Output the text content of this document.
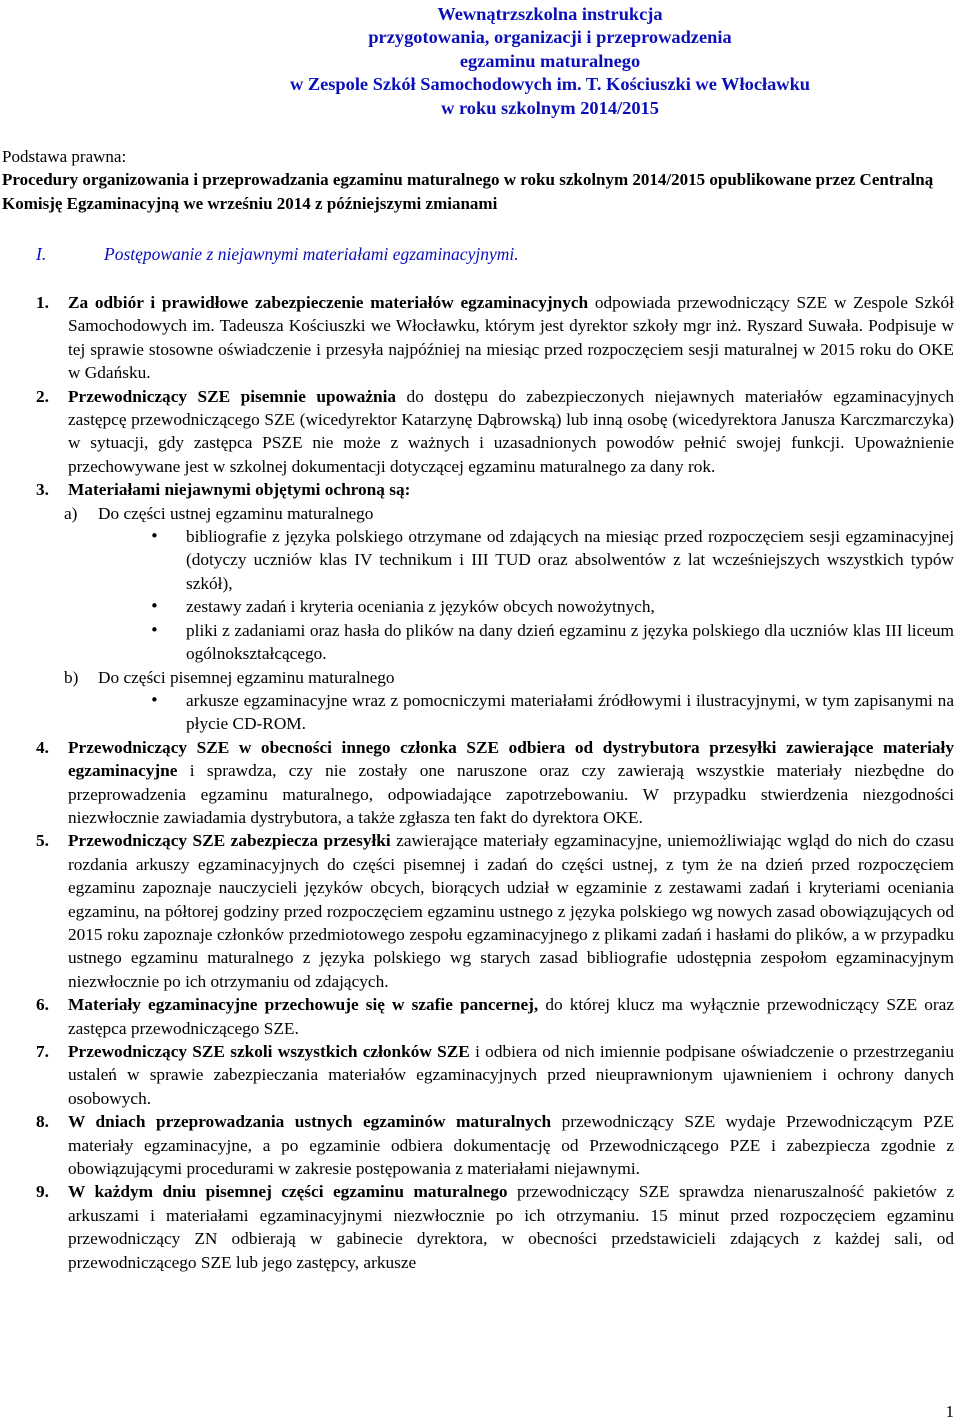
Wewnątrzszkolna instrukcja
przygotowania, organizacji i przeprowadzenia
egzaminu maturalnego
w Zespole Szkół Samochodowych im. T. Kościuszki we Włocławku
w roku szkolnym 2014/2015
Podstawa prawna:
Procedury organizowania i przeprowadzania egzaminu maturalnego w roku szkolnym 2014/2015 opublikowane przez Centralną Komisję Egzaminacyjną we wrześniu 2014 z późniejszymi zmianami
I.	Postępowanie z niejawnymi materiałami egzaminacyjnymi.
1. Za odbiór i prawidłowe zabezpieczenie materiałów egzaminacyjnych odpowiada przewodniczący SZE w Zespole Szkół Samochodowych im. Tadeusza Kościuszki we Włocławku, którym jest dyrektor szkoły mgr inż. Ryszard Suwała. Podpisuje w tej sprawie stosowne oświadczenie i przesyła najpóźniej na miesiąc przed rozpoczęciem sesji maturalnej w 2015 roku do OKE w Gdańsku.
2. Przewodniczący SZE pisemnie upoważnia do dostępu do zabezpieczonych niejawnych materiałów egzaminacyjnych zastępcę przewodniczącego SZE (wicedyrektor Katarzynę Dąbrowską) lub inną osobę (wicedyrektora Janusza Karczmarczyka) w sytuacji, gdy zastępca PSZE nie może z ważnych i uzasadnionych powodów pełnić swojej funkcji. Upoważnienie przechowywane jest w szkolnej dokumentacji dotyczącej egzaminu maturalnego za dany rok.
3. Materiałami niejawnymi objętymi ochroną są:
a) Do części ustnej egzaminu maturalnego
• bibliografie z języka polskiego otrzymane od zdających na miesiąc przed rozpoczęciem sesji egzaminacyjnej (dotyczy uczniów klas IV technikum i III TUD oraz absolwentów z lat wcześniejszych wszystkich typów szkół),
• zestawy zadań i kryteria oceniania z języków obcych nowożytnych,
• pliki z zadaniami oraz hasła do plików na dany dzień egzaminu z języka polskiego dla uczniów klas III liceum ogólnokształcącego.
b) Do części pisemnej egzaminu maturalnego
• arkusze egzaminacyjne wraz z pomocniczymi materiałami źródłowymi i ilustracyjnymi, w tym zapisanymi na płycie CD-ROM.
4. Przewodniczący SZE w obecności innego członka SZE odbiera od dystrybutora przesyłki zawierające materiały egzaminacyjne i sprawdza, czy nie zostały one naruszone oraz czy zawierają wszystkie materiały niezbędne do przeprowadzenia egzaminu maturalnego, odpowiadające zapotrzebowaniu. W przypadku stwierdzenia niezgodności niezwłocznie zawiadamia dystrybutora, a także zgłasza ten fakt do dyrektora OKE.
5. Przewodniczący SZE zabezpiecza przesyłki zawierające materiały egzaminacyjne, uniemożliwiając wgląd do nich do czasu rozdania arkuszy egzaminacyjnych do części pisemnej i zadań do części ustnej, z tym że na dzień przed rozpoczęciem egzaminu zapoznaje nauczycieli języków obcych, biorących udział w egzaminie z zestawami zadań i kryteriami oceniania egzaminu, na półtorej godziny przed rozpoczęciem egzaminu ustnego z języka polskiego wg nowych zasad obowiązujących od 2015 roku zapoznaje członków przedmiotowego zespołu egzaminacyjnego z plikami zadań i hasłami do plików, a w przypadku ustnego egzaminu maturalnego z języka polskiego wg starych zasad bibliografie udostępnia zespołom egzaminacyjnym niezwłocznie po ich otrzymaniu od zdających.
6. Materiały egzaminacyjne przechowuje się w szafie pancernej, do której klucz ma wyłącznie przewodniczący SZE oraz zastępca przewodniczącego SZE.
7. Przewodniczący SZE szkoli wszystkich członków SZE i odbiera od nich imiennie podpisane oświadczenie o przestrzeganiu ustaleń w sprawie zabezpieczania materiałów egzaminacyjnych przed nieuprawnionym ujawnieniem i ochrony danych osobowych.
8. W dniach przeprowadzania ustnych egzaminów maturalnych przewodniczący SZE wydaje Przewodniczącym PZE materiały egzaminacyjne, a po egzaminie odbiera dokumentację od Przewodniczącego PZE i zabezpiecza zgodnie z obowiązującymi procedurami w zakresie postępowania z materiałami niejawnymi.
9. W każdym dniu pisemnej części egzaminu maturalnego przewodniczący SZE sprawdza nienaruszalność pakietów z arkuszami i materiałami egzaminacyjnymi niezwłocznie po ich otrzymaniu. 15 minut przed rozpoczęciem egzaminu przewodniczący ZN odbierają w gabinecie dyrektora, w obecności przedstawicieli zdających z każdej sali, od przewodniczącego SZE lub jego zastępcy, arkusze
1
